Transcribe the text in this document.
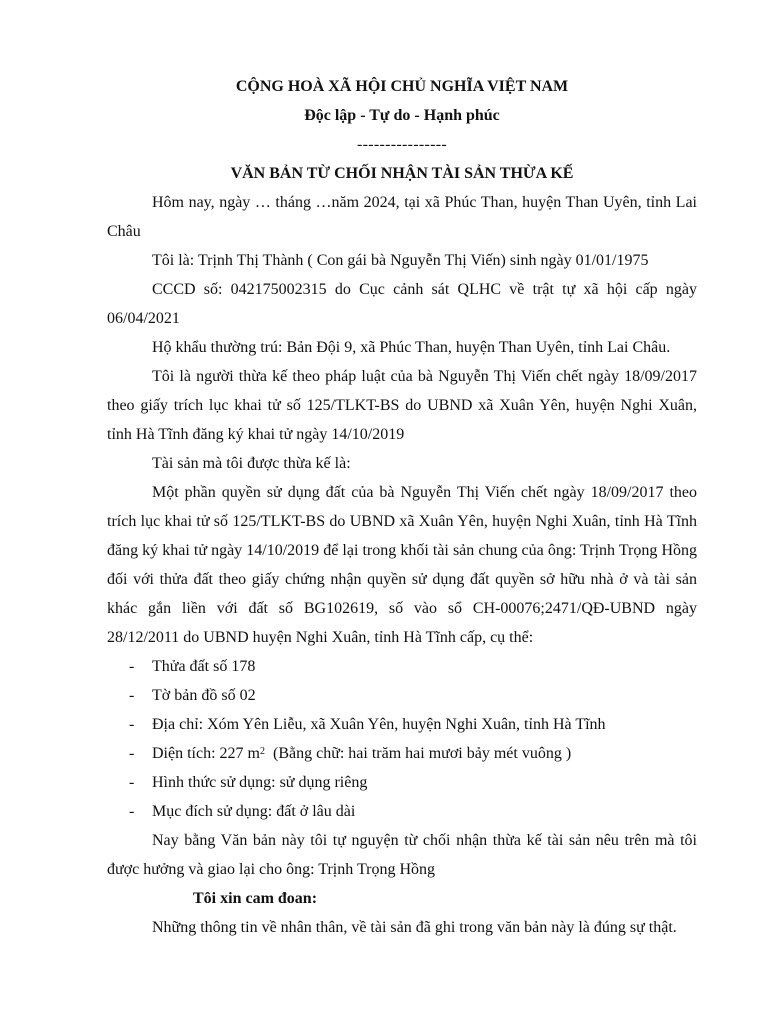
CỘNG HOÀ XÃ HỘI CHỦ NGHĨA VIỆT NAM
Độc lập - Tự do - Hạnh phúc
----------------
VĂN BẢN TỪ CHỐI NHẬN TÀI SẢN THỪA KẾ

Hôm nay, ngày … tháng …năm 2024, tại xã Phúc Than, huyện Than Uyên, tỉnh Lai Châu

Tôi là: Trịnh Thị Thành ( Con gái bà Nguyễn Thị Viến) sinh ngày 01/01/1975

CCCD số: 042175002315 do Cục cảnh sát QLHC về trật tự xã hội cấp ngày 06/04/2021

Hộ khẩu thường trú: Bản Đội 9, xã Phúc Than, huyện Than Uyên, tỉnh Lai Châu.

Tôi là người thừa kế theo pháp luật của bà Nguyễn Thị Viến chết ngày 18/09/2017 theo giấy trích lục khai tử số 125/TLKT-BS do UBND xã Xuân Yên, huyện Nghi Xuân, tỉnh Hà Tĩnh đăng ký khai tử ngày 14/10/2019

Tài sản mà tôi được thừa kế là:

Một phần quyền sử dụng đất của bà Nguyễn Thị Viến chết ngày 18/09/2017 theo trích lục khai tử số 125/TLKT-BS do UBND xã Xuân Yên, huyện Nghi Xuân, tỉnh Hà Tĩnh đăng ký khai tử ngày 14/10/2019 để lại trong khối tài sản chung của ông: Trịnh Trọng Hồng đối với thửa đất theo giấy chứng nhận quyền sử dụng đất quyền sở hữu nhà ở và tài sản khác gắn liền với đất số BG102619, số vào sổ CH-00076;2471/QĐ-UBND ngày 28/12/2011 do UBND huyện Nghi Xuân, tỉnh Hà Tĩnh cấp, cụ thể:

- Thửa đất số 178
- Tờ bản đồ số 02
- Địa chỉ: Xóm Yên Liễu, xã Xuân Yên, huyện Nghi Xuân, tỉnh Hà Tĩnh
- Diện tích: 227 $m^2$ (Bằng chữ: hai trăm hai mươi bảy mét vuông )
- Hình thức sử dụng: sử dụng riêng
- Mục đích sử dụng: đất ở lâu dài

Nay bằng Văn bản này tôi tự nguyện từ chối nhận thừa kế tài sản nêu trên mà tôi được hưởng và giao lại cho ông: Trịnh Trọng Hồng

Tôi xin cam đoan:

Những thông tin về nhân thân, về tài sản đã ghi trong văn bản này là đúng sự thật.
